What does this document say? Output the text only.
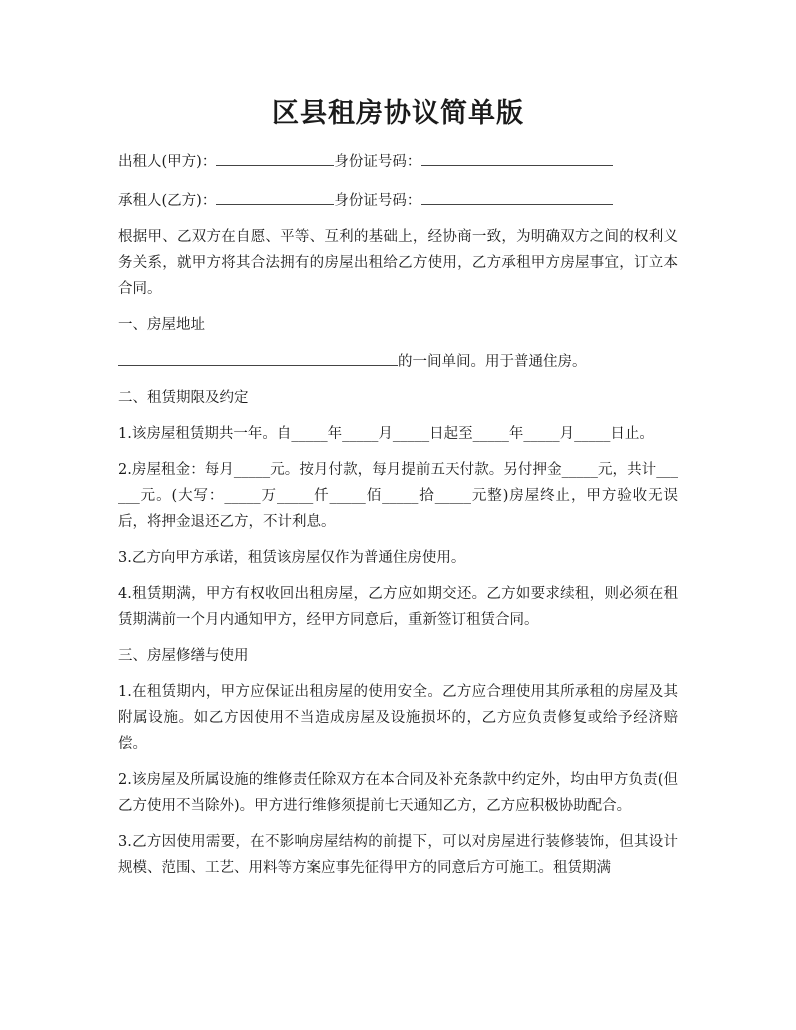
区县租房协议简单版
出租人(甲方)：	身份证号码：
承租人(乙方)：	身份证号码：

根据甲、乙双方在自愿、平等、互利的基础上，经协商一致，为明确双方之间的权利义务关系，就甲方将其合法拥有的房屋出租给乙方使用，乙方承租甲方房屋事宜，订立本合同。

一、房屋地址

的一间单间。用于普通住房。

二、租赁期限及约定

1.该房屋租赁期共一年。自_____年_____月_____日起至_____年_____月_____日止。

2.房屋租金：每月_____元。按月付款，每月提前五天付款。另付押金_____元，共计______元。(大写：_____万_____仟_____佰_____拾_____元整)房屋终止，甲方验收无误后，将押金退还乙方，不计利息。

3.乙方向甲方承诺，租赁该房屋仅作为普通住房使用。

4.租赁期满，甲方有权收回出租房屋，乙方应如期交还。乙方如要求续租，则必须在租赁期满前一个月内通知甲方，经甲方同意后，重新签订租赁合同。

三、房屋修缮与使用

1.在租赁期内，甲方应保证出租房屋的使用安全。乙方应合理使用其所承租的房屋及其附属设施。如乙方因使用不当造成房屋及设施损坏的，乙方应负责修复或给予经济赔偿。

2.该房屋及所属设施的维修责任除双方在本合同及补充条款中约定外，均由甲方负责(但乙方使用不当除外)。甲方进行维修须提前七天通知乙方，乙方应积极协助配合。

3.乙方因使用需要，在不影响房屋结构的前提下，可以对房屋进行装修装饰，但其设计规模、范围、工艺、用料等方案应事先征得甲方的同意后方可施工。租赁期满
